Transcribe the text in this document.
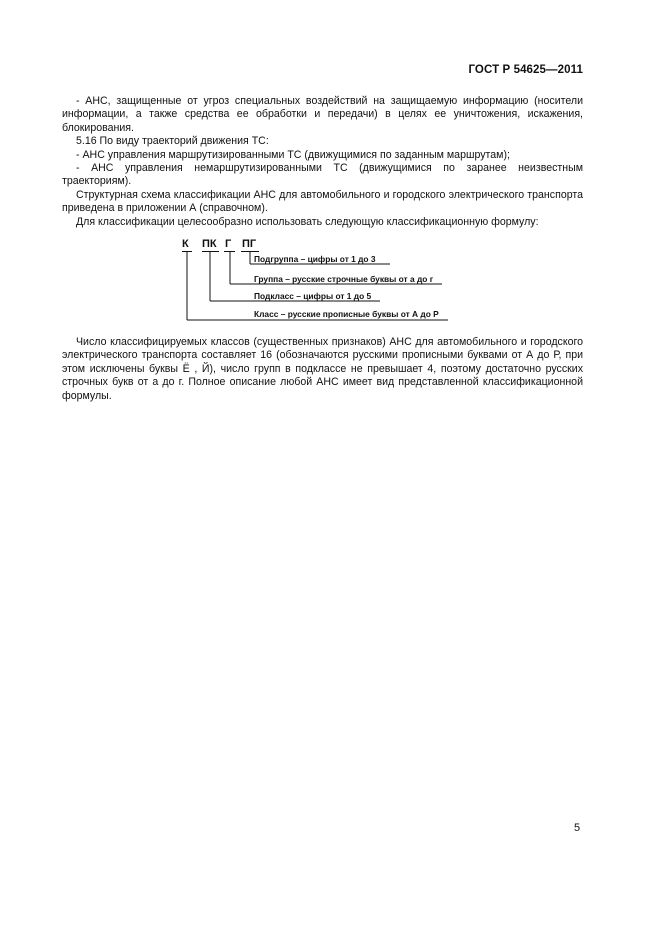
ГОСТ Р 54625—2011

- АНС, защищенные от угроз специальных воздействий на защищаемую информацию (носители информации, а также средства ее обработки и передачи) в целях ее уничтожения, искажения, блокирования.

5.16 По виду траекторий движения ТС:

- АНС управления маршрутизированными ТС (движущимися по заданным маршрутам);

- АНС управления немаршрутизированными ТС (движущимися по заранее неизвестным траекториям).

Структурная схема классификации АНС для автомобильного и городского электрического транспорта приведена в приложении А (справочном).

Для классификации целесообразно использовать следующую классификационную формулу:

К ПК Г ПГ
Подгруппа – цифры от 1 до 3
Группа – русские строчные буквы от а до г
Подкласс – цифры от 1 до 5
Класс – русские прописные буквы от А до Р

Число классифицируемых классов (существенных признаков) АНС для автомобильного и городского электрического транспорта составляет 16 (обозначаются русскими прописными буквами от А до Р, при этом исключены буквы Ё , Й), число групп в подклассе не превышает 4, поэтому достаточно русских строчных букв от а до г. Полное описание любой АНС имеет вид представленной классификационной формулы.

5
